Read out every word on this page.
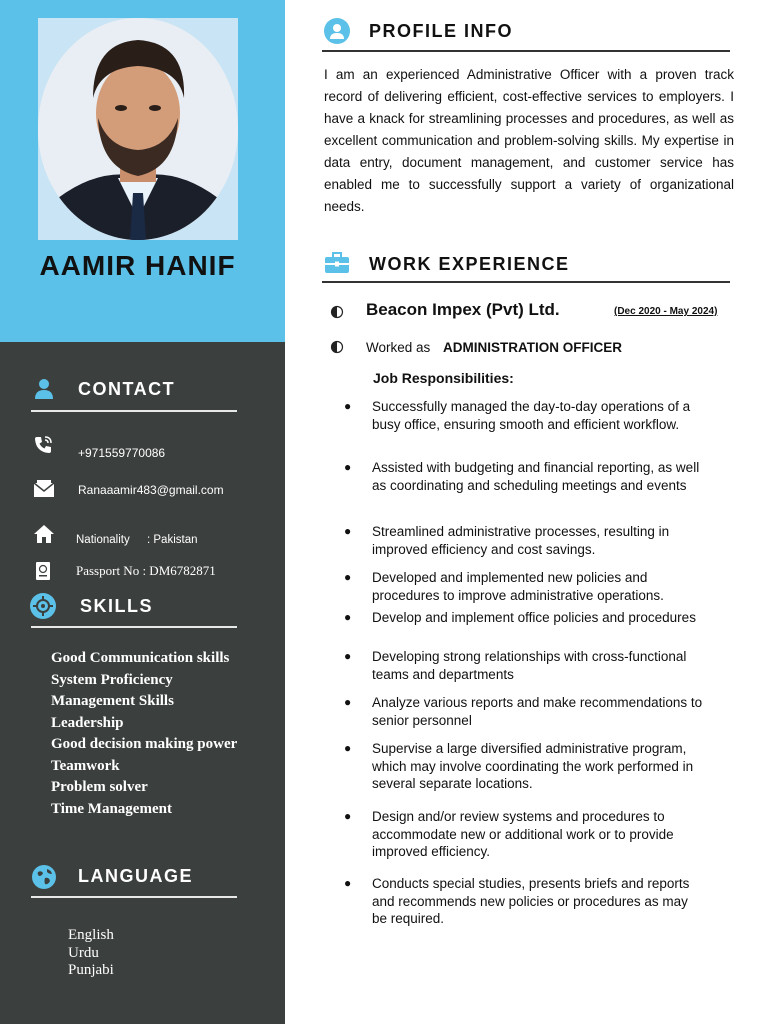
AAMIR HANIF
CONTACT
+971559770086
Ranaaamir483@gmail.com
Nationality : Pakistan
Passport No : DM6782871
SKILLS
Good Communication skills
System Proficiency
Management Skills
Leadership
Good decision making power
Teamwork
Problem solver
Time Management
LANGUAGE
English
Urdu
Punjabi
PROFILE INFO
I am an experienced Administrative Officer with a proven track record of delivering efficient, cost-effective services to employers. I have a knack for streamlining processes and procedures, as well as excellent communication and problem-solving skills. My expertise in data entry, document management, and customer service has enabled me to successfully support a variety of organizational needs.
WORK EXPERIENCE
Beacon Impex (Pvt) Ltd.	(Dec 2020 - May 2024)
Worked as ADMINISTRATION OFFICER
Job Responsibilities:
● Successfully managed the day-to-day operations of a busy office, ensuring smooth and efficient workflow.
● Assisted with budgeting and financial reporting, as well as coordinating and scheduling meetings and events
● Streamlined administrative processes, resulting in improved efficiency and cost savings.
● Developed and implemented new policies and procedures to improve administrative operations.
● Develop and implement office policies and procedures
● Developing strong relationships with cross-functional teams and departments
● Analyze various reports and make recommendations to senior personnel
● Supervise a large diversified administrative program, which may involve coordinating the work performed in several separate locations.
● Design and/or review systems and procedures to accommodate new or additional work or to provide improved efficiency.
● Conducts special studies, presents briefs and reports and recommends new policies or procedures as may be required.
